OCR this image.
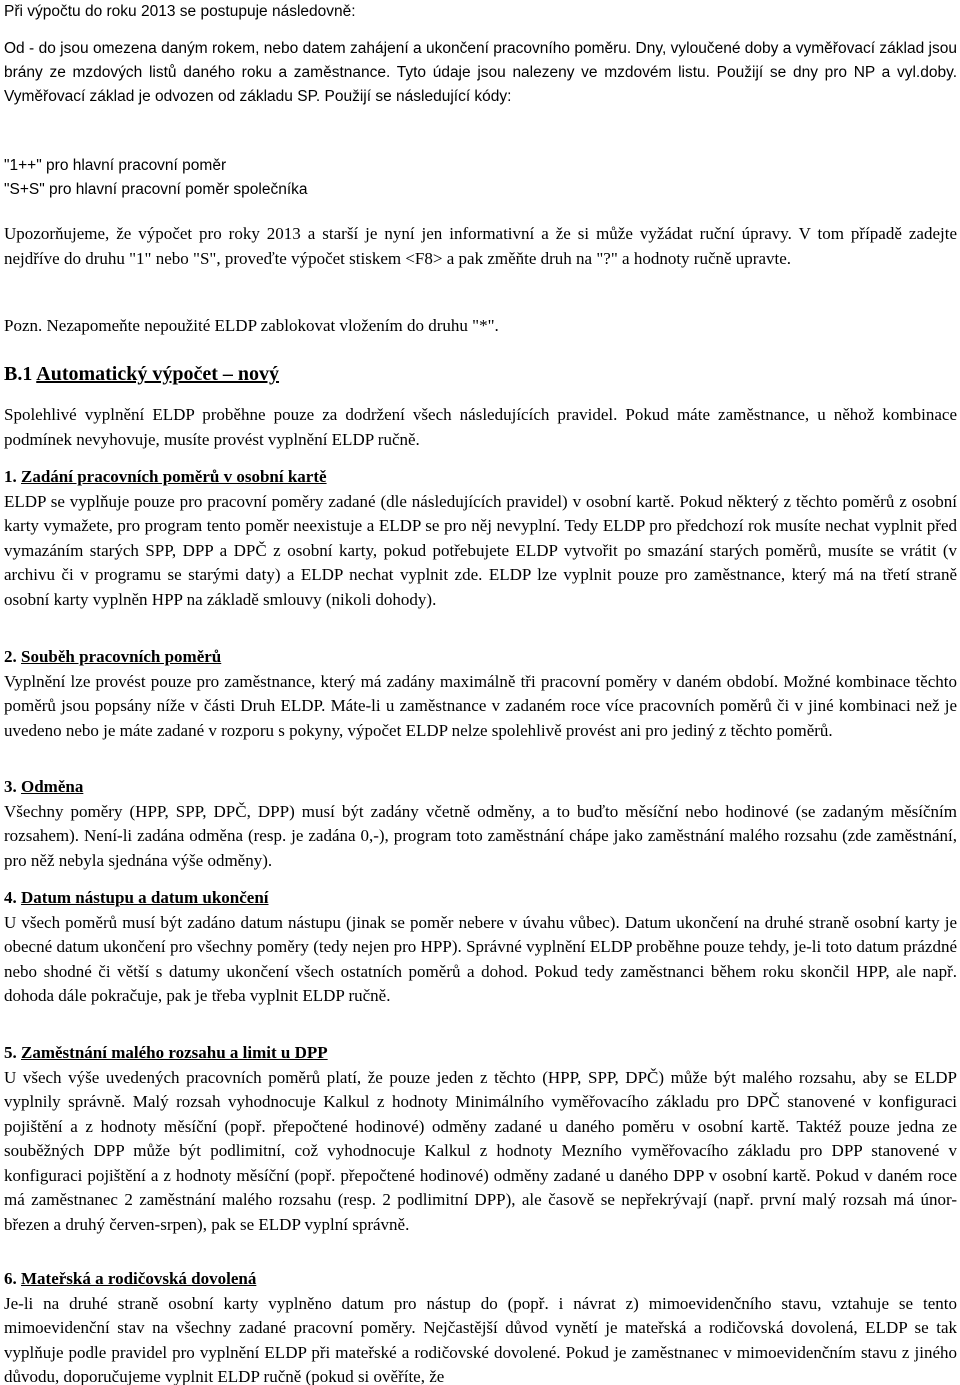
Při výpočtu do roku 2013 se postupuje následovně:
Od - do jsou omezena daným rokem, nebo datem zahájení a ukončení pracovního poměru. Dny, vyloučené doby a vyměřovací základ jsou brány ze mzdových listů daného roku a zaměstnance. Tyto údaje jsou nalezeny ve mzdovém listu. Použijí se dny pro NP a vyl.doby. Vyměřovací základ je odvozen od základu SP. Použijí se následující kódy:
"1++" pro hlavní pracovní poměr
"S+S" pro hlavní pracovní poměr společníka
Upozorňujeme, že výpočet pro roky 2013 a starší je nyní jen informativní a že si může vyžádat ruční úpravy. V tom případě zadejte nejdříve do druhu "1" nebo "S", proveďte výpočet stiskem <F8> a pak změňte druh na "?" a hodnoty ručně upravte.
Pozn. Nezapomeňte nepoužité ELDP zablokovat vložením do druhu "*".
B.1 Automatický výpočet – nový
Spolehlivé vyplnění ELDP proběhne pouze za dodržení všech následujících pravidel. Pokud máte zaměstnance, u něhož kombinace podmínek nevyhovuje, musíte provést vyplnění ELDP ručně.
1. Zadání pracovních poměrů v osobní kartě
ELDP se vyplňuje pouze pro pracovní poměry zadané (dle následujících pravidel) v osobní kartě. Pokud některý z těchto poměrů z osobní karty vymažete, pro program tento poměr neexistuje a ELDP se pro něj nevyplní. Tedy ELDP pro předchozí rok musíte nechat vyplnit před vymazáním starých SPP, DPP a DPČ z osobní karty, pokud potřebujete ELDP vytvořit po smazání starých poměrů, musíte se vrátit (v archivu či v programu se starými daty) a ELDP nechat vyplnit zde. ELDP lze vyplnit pouze pro zaměstnance, který má na třetí straně osobní karty vyplněn HPP na základě smlouvy (nikoli dohody).
2. Souběh pracovních poměrů
Vyplnění lze provést pouze pro zaměstnance, který má zadány maximálně tři pracovní poměry v daném období. Možné kombinace těchto poměrů jsou popsány níže v části Druh ELDP. Máte-li u zaměstnance v zadaném roce více pracovních poměrů či v jiné kombinaci než je uvedeno nebo je máte zadané v rozporu s pokyny, výpočet ELDP nelze spolehlivě provést ani pro jediný z těchto poměrů.
3. Odměna
Všechny poměry (HPP, SPP, DPČ, DPP) musí být zadány včetně odměny, a to buďto měsíční nebo hodinové (se zadaným měsíčním rozsahem). Není-li zadána odměna (resp. je zadána 0,-), program toto zaměstnání chápe jako zaměstnání malého rozsahu (zde zaměstnání, pro něž nebyla sjednána výše odměny).
4. Datum nástupu a datum ukončení
U všech poměrů musí být zadáno datum nástupu (jinak se poměr nebere v úvahu vůbec). Datum ukončení na druhé straně osobní karty je obecné datum ukončení pro všechny poměry (tedy nejen pro HPP). Správné vyplnění ELDP proběhne pouze tehdy, je-li toto datum prázdné nebo shodné či větší s datumy ukončení všech ostatních poměrů a dohod. Pokud tedy zaměstnanci během roku skončil HPP, ale např. dohoda dále pokračuje, pak je třeba vyplnit ELDP ručně.
5. Zaměstnání malého rozsahu a limit u DPP
U všech výše uvedených pracovních poměrů platí, že pouze jeden z těchto (HPP, SPP, DPČ) může být malého rozsahu, aby se ELDP vyplnily správně. Malý rozsah vyhodnocuje Kalkul z hodnoty Minimálního vyměřovacího základu pro DPČ stanovené v konfiguraci pojištění a z hodnoty měsíční (popř. přepočtené hodinové) odměny zadané u daného poměru v osobní kartě. Taktéž pouze jedna ze souběžných DPP může být podlimitní, což vyhodnocuje Kalkul z hodnoty Mezního vyměřovacího základu pro DPP stanovené v konfiguraci pojištění a z hodnoty měsíční (popř. přepočtené hodinové) odměny zadané u daného DPP v osobní kartě. Pokud v daném roce má zaměstnanec 2 zaměstnání malého rozsahu (resp. 2 podlimitní DPP), ale časově se nepřekrývají (např. první malý rozsah má únor-březen a druhý červen-srpen), pak se ELDP vyplní správně.
6. Mateřská a rodičovská dovolená
Je-li na druhé straně osobní karty vyplněno datum pro nástup do (popř. i návrat z) mimoevidenčního stavu, vztahuje se tento mimoevidenční stav na všechny zadané pracovní poměry. Nejčastější důvod vynětí je mateřská a rodičovská dovolená, ELDP se tak vyplňuje podle pravidel pro vyplnění ELDP při mateřské a rodičovské dovolené. Pokud je zaměstnanec v mimoevidenčním stavu z jiného důvodu, doporučujeme vyplnit ELDP ručně (pokud si ověříte, že
